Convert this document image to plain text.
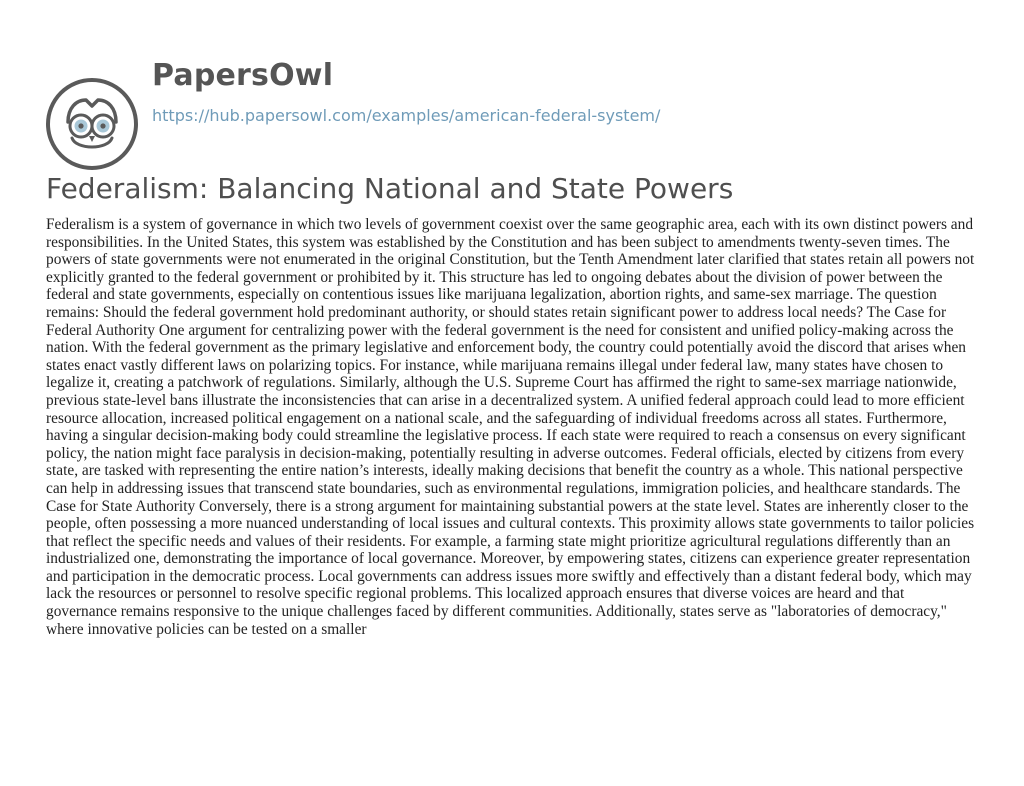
PapersOwl
https://hub.papersowl.com/examples/american-federal-system/
Federalism: Balancing National and State Powers

Federalism is a system of governance in which two levels of government coexist over the same geographic area, each with its own distinct powers and responsibilities. In the United States, this system was established by the Constitution and has been subject to amendments twenty-seven times. The powers of state governments were not enumerated in the original Constitution, but the Tenth Amendment later clarified that states retain all powers not explicitly granted to the federal government or prohibited by it. This structure has led to ongoing debates about the division of power between the federal and state governments, especially on contentious issues like marijuana legalization, abortion rights, and same-sex marriage. The question remains: Should the federal government hold predominant authority, or should states retain significant power to address local needs? The Case for Federal Authority One argument for centralizing power with the federal government is the need for consistent and unified policy-making across the nation. With the federal government as the primary legislative and enforcement body, the country could potentially avoid the discord that arises when states enact vastly different laws on polarizing topics. For instance, while marijuana remains illegal under federal law, many states have chosen to legalize it, creating a patchwork of regulations. Similarly, although the U.S. Supreme Court has affirmed the right to same-sex marriage nationwide, previous state-level bans illustrate the inconsistencies that can arise in a decentralized system. A unified federal approach could lead to more efficient resource allocation, increased political engagement on a national scale, and the safeguarding of individual freedoms across all states. Furthermore, having a singular decision-making body could streamline the legislative process. If each state were required to reach a consensus on every significant policy, the nation might face paralysis in decision-making, potentially resulting in adverse outcomes. Federal officials, elected by citizens from every state, are tasked with representing the entire nation’s interests, ideally making decisions that benefit the country as a whole. This national perspective can help in addressing issues that transcend state boundaries, such as environmental regulations, immigration policies, and healthcare standards. The Case for State Authority Conversely, there is a strong argument for maintaining substantial powers at the state level. States are inherently closer to the people, often possessing a more nuanced understanding of local issues and cultural contexts. This proximity allows state governments to tailor policies that reflect the specific needs and values of their residents. For example, a farming state might prioritize agricultural regulations differently than an industrialized one, demonstrating the importance of local governance. Moreover, by empowering states, citizens can experience greater representation and participation in the democratic process. Local governments can address issues more swiftly and effectively than a distant federal body, which may lack the resources or personnel to resolve specific regional problems. This localized approach ensures that diverse voices are heard and that governance remains responsive to the unique challenges faced by different communities. Additionally, states serve as "laboratories of democracy," where innovative policies can be tested on a smaller
